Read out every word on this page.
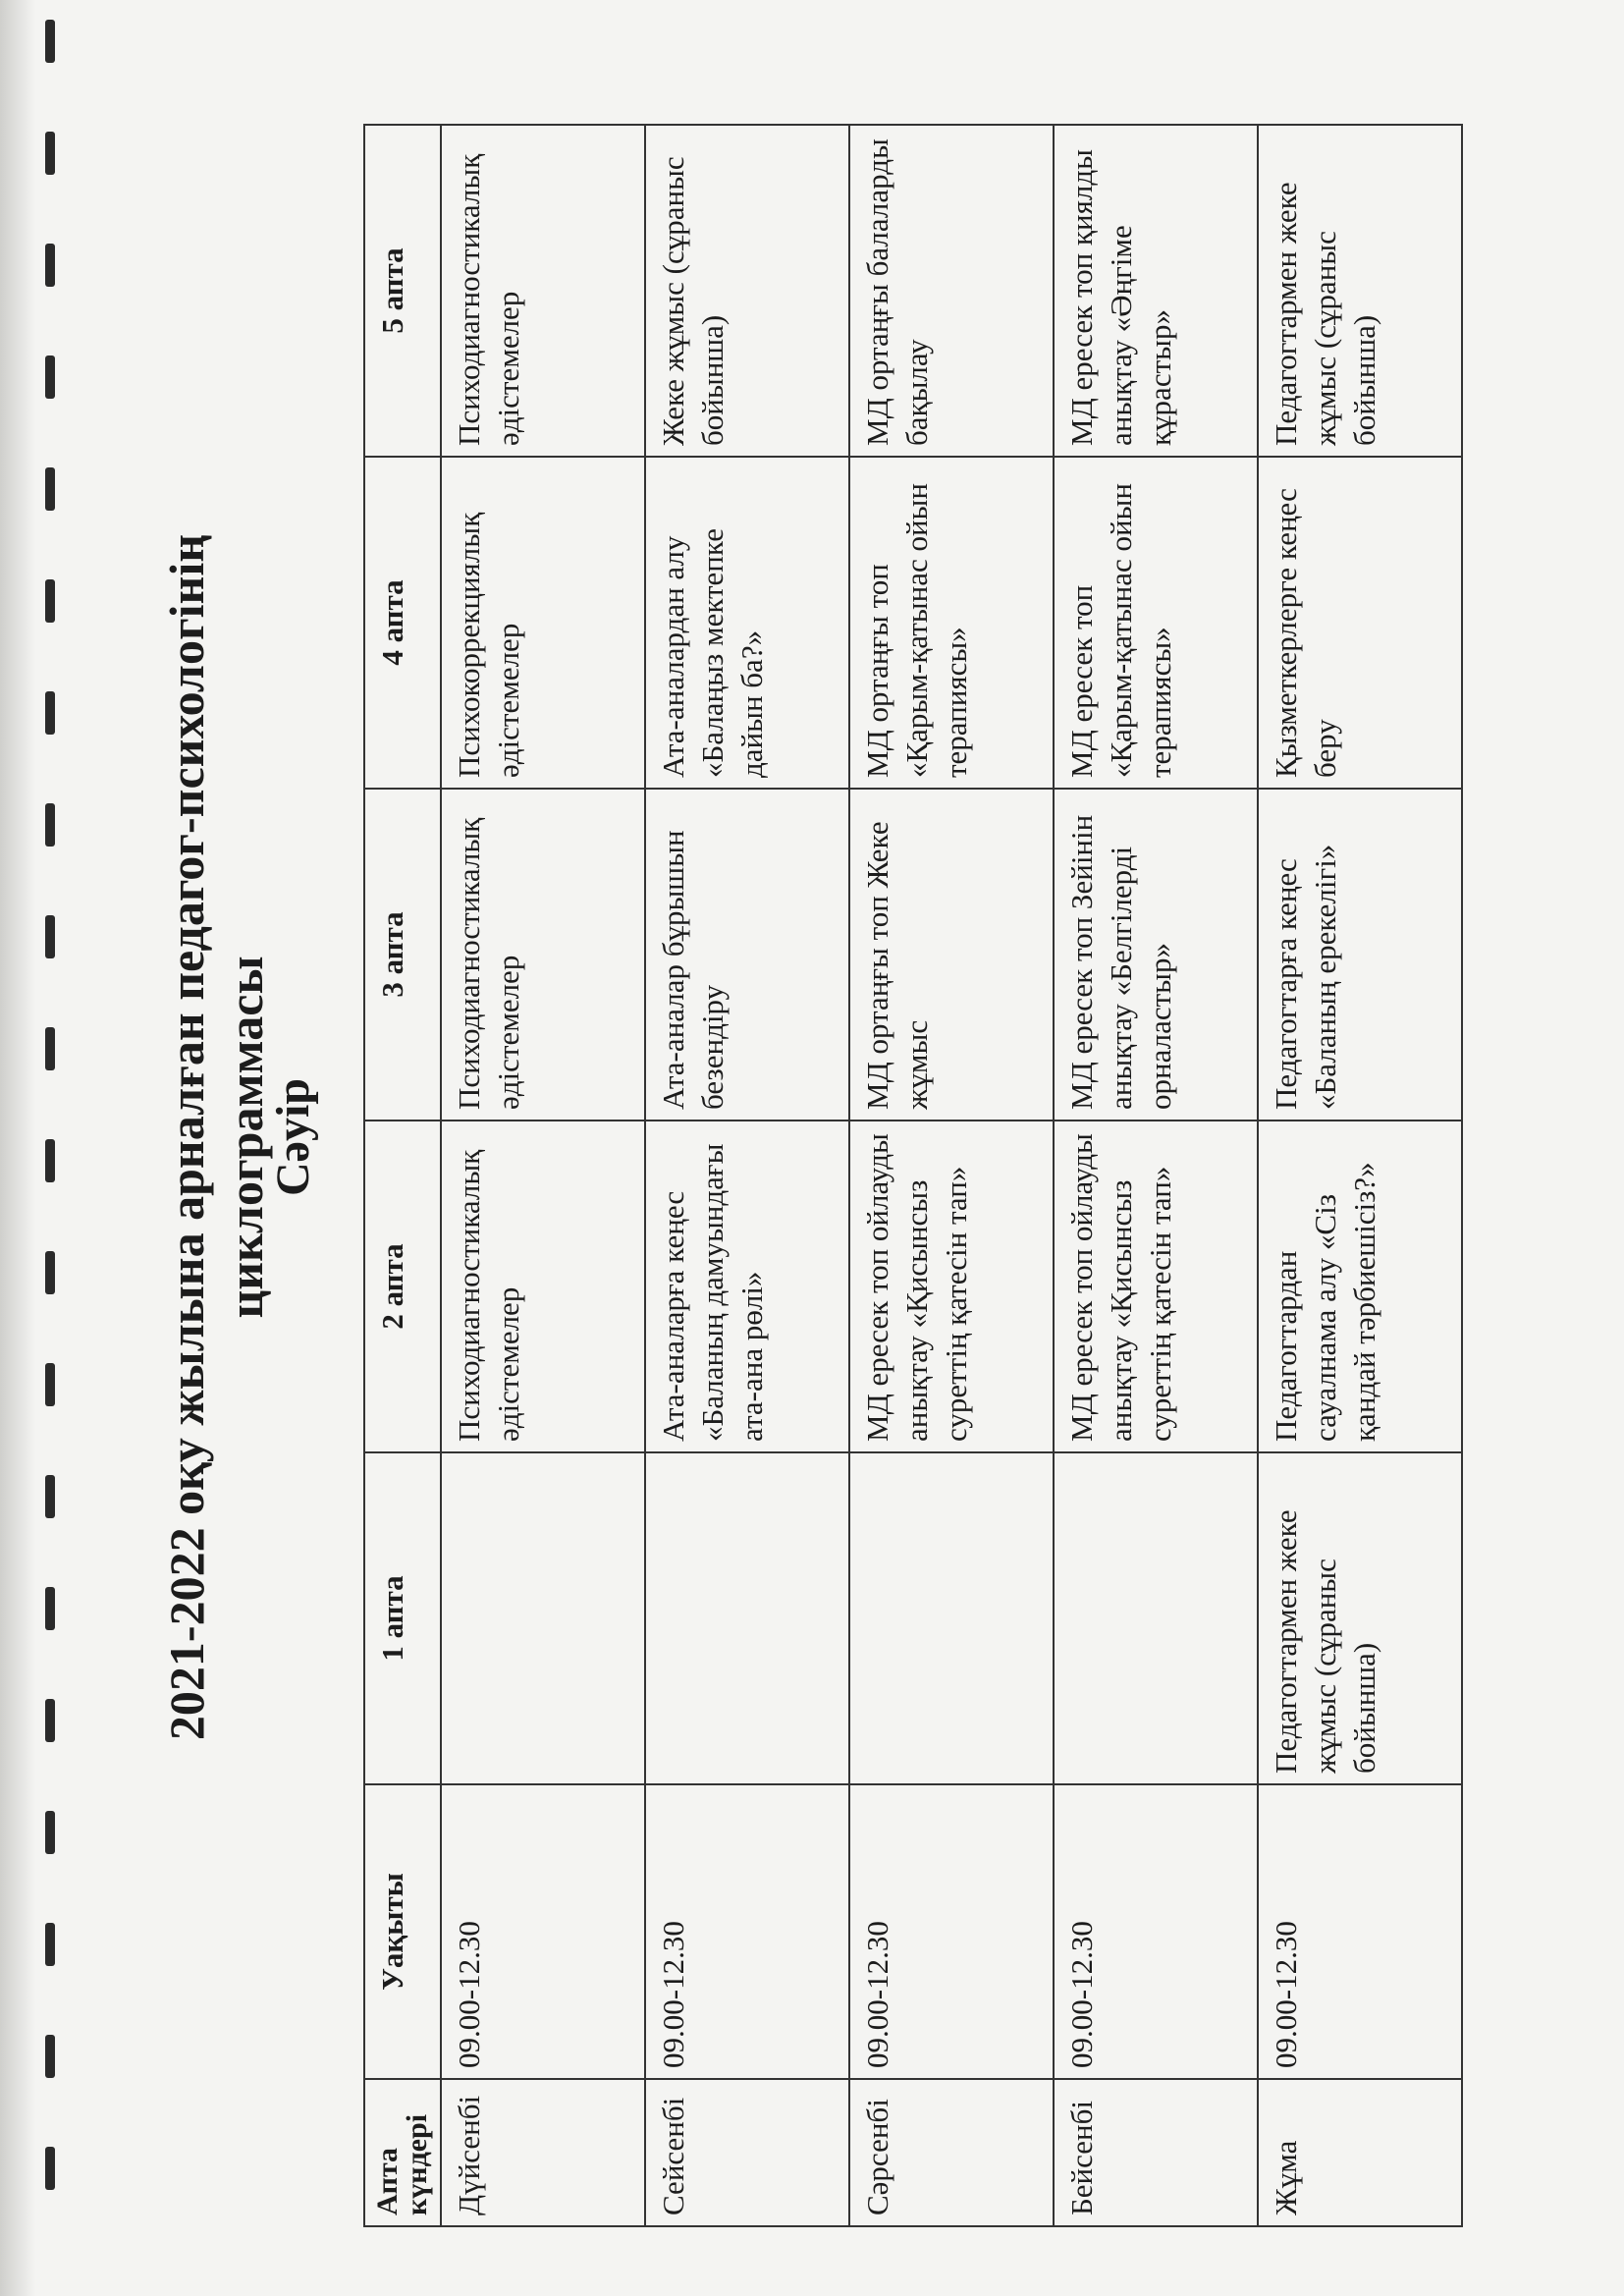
2021-2022 оқу жылына арналған педагог-психологінің циклограммасы
Сәуір
Апта күндері	Уақыты	1 апта	2 апта	3 апта	4 апта	5 апта
Дүйсенбі	09.00-12.30		Психодиагностикалық әдістемелер	Психодиагностикалық әдістемелер	Психокоррекциялық әдістемелер	Психодиагностикалық әдістемелер
Сейсенбі	09.00-12.30		Ата-аналарға кеңес «Баланың дамуындағы ата-ана рөлі»	Ата-аналар бұрышын безендіру	Ата-аналардан алу «Балаңыз мектепке дайын ба?»	Жеке жұмыс (сұраныс бойынша)
Сәрсенбі	09.00-12.30		МД ересек топ ойлауды анықтау «Қисынсыз суреттің қатесін тап»	МД ортаңғы топ Жеке жұмыс	МД ортаңғы топ «Қарым-қатынас ойын терапиясы»	МД ортаңғы балаларды бақылау
Бейсенбі	09.00-12.30		МД ересек топ ойлауды анықтау «Қисынсыз суреттің қатесін тап»	МД ересек топ Зейінін анықтау «Белгілерді орналастыр»	МД ересек топ «Қарым-қатынас ойын терапиясы»	МД ересек топ қиялды анықтау «Әңгіме құрастыр»
Жұма	09.00-12.30	Педагогтармен жеке жұмыс (сұраныс бойынша)	Педагогтардан сауалнама алу «Сіз қандай тәрбиешісіз?»	Педагогтарға кеңес «Баланың ерекелігі»	Қызметкерлерге кеңес беру	Педагогтармен жеке жұмыс (сұраныс бойынша)
